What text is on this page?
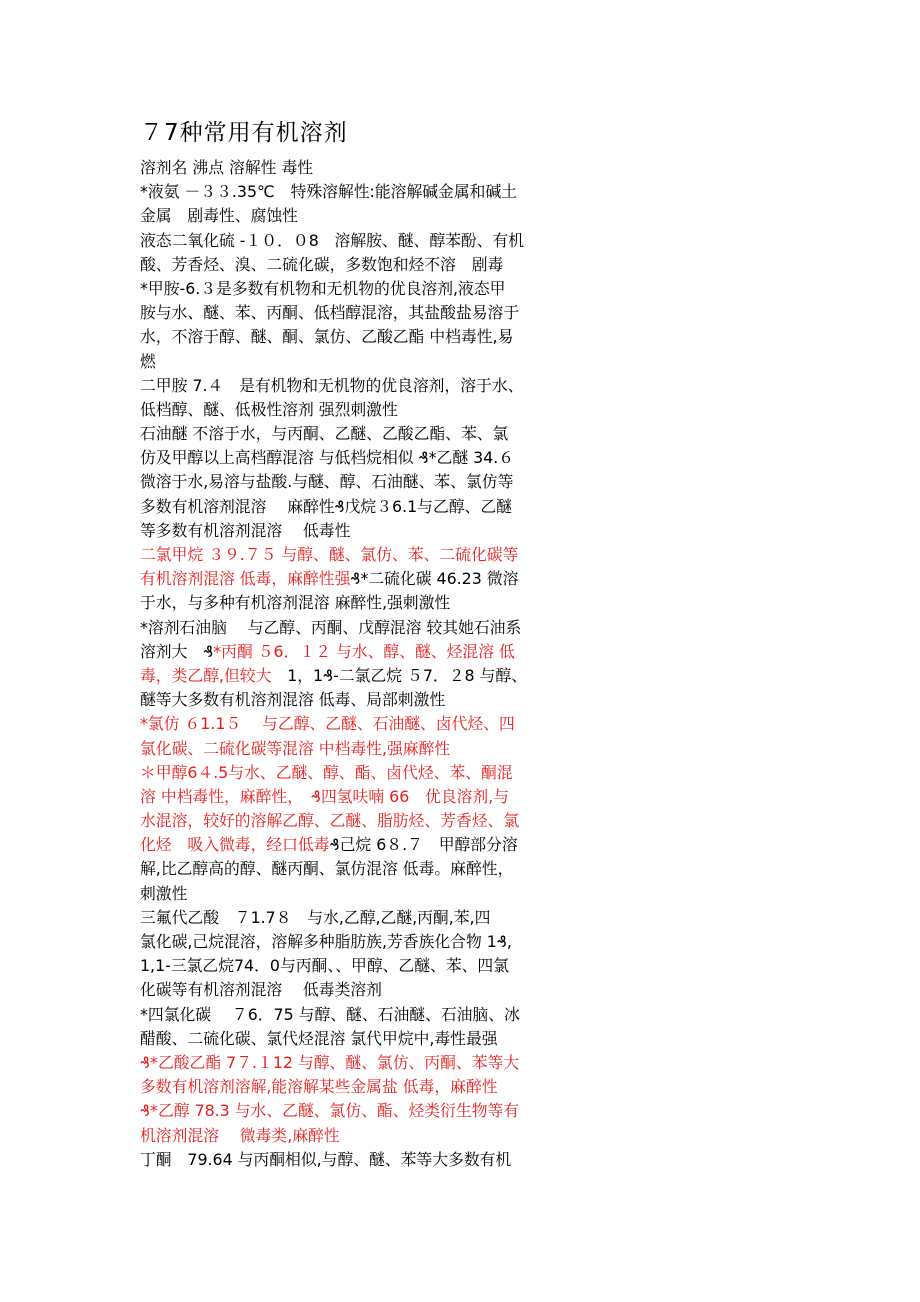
７7种常用有机溶剂
溶剂名 沸点 溶解性 毒性
*液氨 －３３.35℃　特殊溶解性:能溶解碱金属和碱土
金属　剧毒性、腐蚀性
液态二氧化硫 -１０．０8　溶解胺、醚、醇苯酚、有机
酸、芳香烃、溴、二硫化碳，多数饱和烃不溶　剧毒
*甲胺-6.３是多数有机物和无机物的优良溶剂,液态甲
胺与水、醚、苯、丙酮、低档醇混溶，其盐酸盐易溶于
水，不溶于醇、醚、酮、氯仿、乙酸乙酯 中档毒性,易
燃
二甲胺 7.４　是有机物和无机物的优良溶剂，溶于水、
低档醇、醚、低极性溶剂 强烈刺激性
石油醚 不溶于水，与丙酮、乙醚、乙酸乙酯、苯、氯
仿及甲醇以上高档醇混溶 与低档烷相似 ₰*乙醚 34.６
微溶于水,易溶与盐酸.与醚、醇、石油醚、苯、氯仿等
多数有机溶剂混溶　 麻醉性₰戊烷３6.1与乙醇、乙醚
等多数有机溶剂混溶　 低毒性
二氯甲烷 ３９.７５ 与醇、醚、氯仿、苯、二硫化碳等
有机溶剂混溶 低毒，麻醉性强₰*二硫化碳 46.23 微溶
于水，与多种有机溶剂混溶 麻醉性,强刺激性
*溶剂石油脑　 与乙醇、丙酮、戊醇混溶 较其她石油系
溶剂大　₰*丙酮 ５6．１２ 与水、醇、醚、烃混溶 低
毒，类乙醇,但较大　1，1₰-二氯乙烷 ５7．２8 与醇、
醚等大多数有机溶剂混溶 低毒、局部刺激性
*氯仿 ６1.1５　 与乙醇、乙醚、石油醚、卤代烃、四
氯化碳、二硫化碳等混溶 中档毒性,强麻醉性
＊甲醇6４.5与水、乙醚、醇、酯、卤代烃、苯、酮混
溶 中档毒性，麻醉性，　₰四氢呋喃 66　优良溶剂,与
水混溶，较好的溶解乙醇、乙醚、脂肪烃、芳香烃、氯
化烃　吸入微毒，经口低毒₰己烷 6８.７　甲醇部分溶
解,比乙醇高的醇、醚丙酮、氯仿混溶 低毒。麻醉性，
刺激性
三氟代乙酸　７1.7８　与水,乙醇,乙醚,丙酮,苯,四
氯化碳,己烷混溶，溶解多种脂肪族,芳香族化合物 1₰,
1,1-三氯乙烷74．0与丙酮、、甲醇、乙醚、苯、四氯
化碳等有机溶剂混溶　 低毒类溶剂
*四氯化碳　 ７6．75 与醇、醚、石油醚、石油脑、冰
醋酸、二硫化碳、氯代烃混溶 氯代甲烷中,毒性最强
₰*乙酸乙酯 7７.１12 与醇、醚、氯仿、丙酮、苯等大
多数有机溶剂溶解,能溶解某些金属盐 低毒，麻醉性
₰*乙醇 78.3 与水、乙醚、氯仿、酯、烃类衍生物等有
机溶剂混溶　 微毒类,麻醉性
丁酮　79.64 与丙酮相似,与醇、醚、苯等大多数有机
